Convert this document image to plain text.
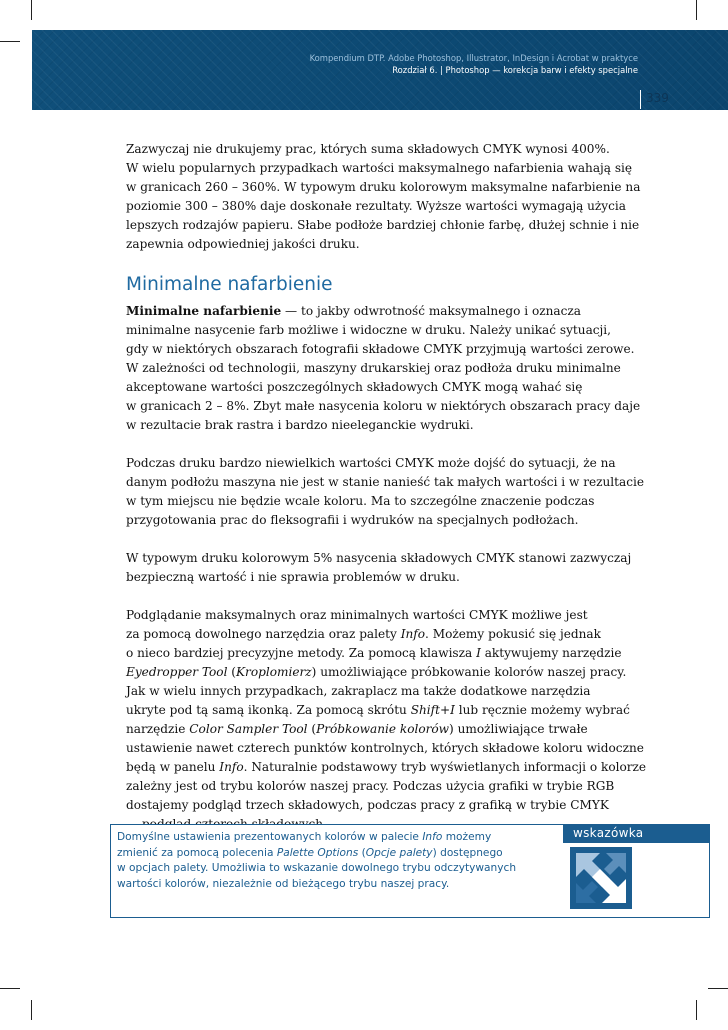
Kompendium DTP. Adobe Photoshop, Illustrator, InDesign i Acrobat w praktyce
Rozdział 6. | Photoshop — korekcja barw i efekty specjalne
339

Zazwyczaj nie drukujemy prac, których suma składowych CMYK wynosi 400%.
W wielu popularnych przypadkach wartości maksymalnego nafarbienia wahają się
w granicach 260 – 360%. W typowym druku kolorowym maksymalne nafarbienie na
poziomie 300 – 380% daje doskonałe rezultaty. Wyższe wartości wymagają użycia
lepszych rodzajów papieru. Słabe podłoże bardziej chłonie farbę, dłużej schnie i nie
zapewnia odpowiedniej jakości druku.

Minimalne nafarbienie

Minimalne nafarbienie — to jakby odwrotność maksymalnego i oznacza
minimalne nasycenie farb możliwe i widoczne w druku. Należy unikać sytuacji,
gdy w niektórych obszarach fotografii składowe CMYK przyjmują wartości zerowe.
W zależności od technologii, maszyny drukarskiej oraz podłoża druku minimalne
akceptowane wartości poszczególnych składowych CMYK mogą wahać się
w granicach 2 – 8%. Zbyt małe nasycenia koloru w niektórych obszarach pracy daje
w rezultacie brak rastra i bardzo nieeleganckie wydruki.

Podczas druku bardzo niewielkich wartości CMYK może dojść do sytuacji, że na
danym podłożu maszyna nie jest w stanie nanieść tak małych wartości i w rezultacie
w tym miejscu nie będzie wcale koloru. Ma to szczególne znaczenie podczas
przygotowania prac do fleksografii i wydruków na specjalnych podłożach.

W typowym druku kolorowym 5% nasycenia składowych CMYK stanowi zazwyczaj
bezpieczną wartość i nie sprawia problemów w druku.

Podglądanie maksymalnych oraz minimalnych wartości CMYK możliwe jest
za pomocą dowolnego narzędzia oraz palety Info. Możemy pokusić się jednak
o nieco bardziej precyzyjne metody. Za pomocą klawisza I aktywujemy narzędzie
Eyedropper Tool (Kroplomierz) umożliwiające próbkowanie kolorów naszej pracy.
Jak w wielu innych przypadkach, zakraplacz ma także dodatkowe narzędzia
ukryte pod tą samą ikonką. Za pomocą skrótu Shift+I lub ręcznie możemy wybrać
narzędzie Color Sampler Tool (Próbkowanie kolorów) umożliwiające trwałe
ustawienie nawet czterech punktów kontrolnych, których składowe koloru widoczne
będą w panelu Info. Naturalnie podstawowy tryb wyświetlanych informacji o kolorze
zależny jest od trybu kolorów naszej pracy. Podczas użycia grafiki w trybie RGB
dostajemy podgląd trzech składowych, podczas pracy z grafiką w trybie CMYK

Domyślne ustawienia prezentowanych kolorów w palecie Info możemy
zmienić za pomocą polecenia Palette Options (Opcje palety) dostępnego
w opcjach palety. Umożliwia to wskazanie dowolnego trybu odczytywanych
wartości kolorów, niezależnie od bieżącego trybu naszej pracy.
wskazówka
